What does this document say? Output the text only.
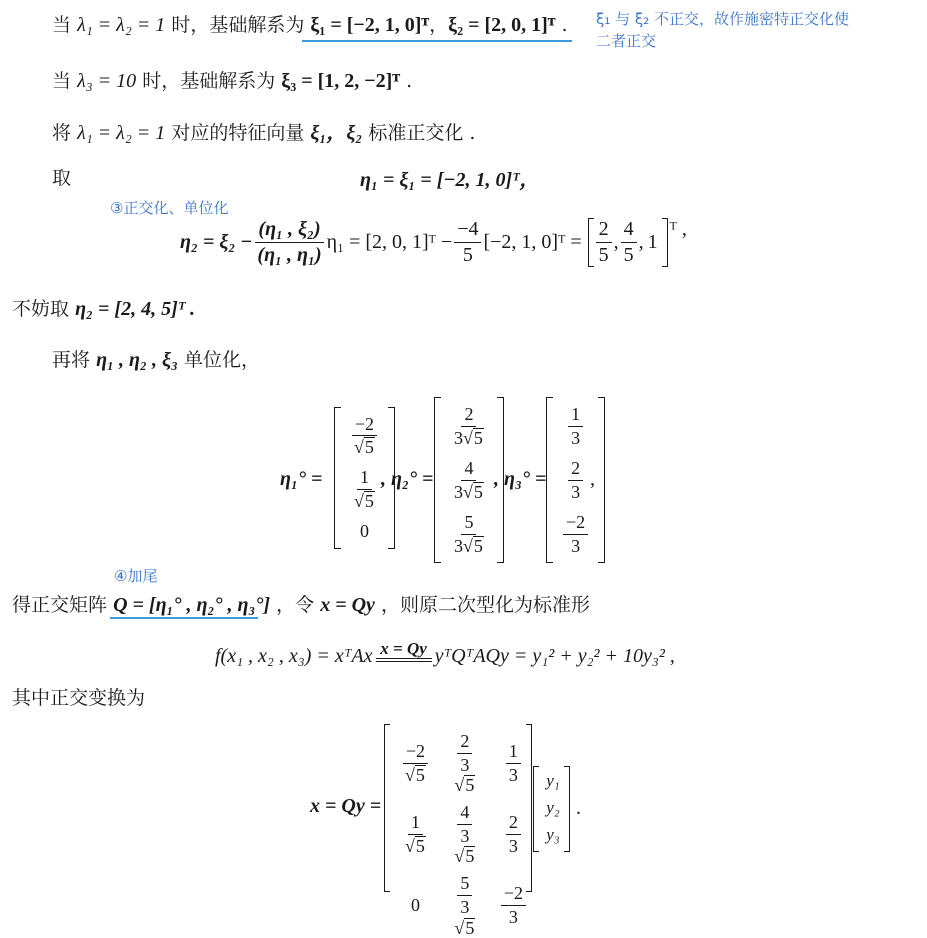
当 λ₁ = λ₂ = 1 时，基础解系为 ξ₁ = [−2, 1, 0]ᵀ，ξ₂ = [2, 0, 1]ᵀ . ξ₁ 与 ξ₂ 不正交，故作施密特正交化使
二者正交
当 λ₃ = 10 时，基础解系为 ξ₃ = [1, 2, −2]ᵀ .
将 λ₁ = λ₂ = 1 对应的特征向量 ξ₁，ξ₂ 标准正交化 .
取	η₁ = ξ₁ = [−2, 1, 0]ᵀ，
③正交化、单位化
$\eta_2 = \xi_2 - \frac{\text{(η₁ , ξ₂)}}{\text{(η₁ , η₁)}} \eta_1 = [2$, 0, 1]ᵀ − $\frac{-4}{5} [-2$, 1, 0]ᵀ = $\frac{2}{5}$ , $\frac{4}{5}$ , 1
ᵀ ,
不妨取 η₂ = [2, 4, 5]ᵀ .
再将 η₁ , η₂ , ξ₃ 单位化，
η₁° =
$\frac{-2}{√5}$
$\frac{1}{√5}$
0
, η₂° =
$\frac{2}{3√5}$
$\frac{4}{3√5}$
$\frac{5}{3√5}$
, η₃° =
$\frac{1}{3}$
$\frac{2}{3}$
$\frac{-2}{3}$
,
④加尾
得正交矩阵 Q = [η₁° , η₂° , η₃°] ，令 x = Qy ，则原二次型化为标准形
f(x₁ , x₂ , x₃) = xᵀAx x = Qy yᵀQᵀAQy = y₁² + y₂² + 10y₃² ,
其中正交变换为
x = Qy =
$\frac{-2}{√5} \frac{2}{3√5} \frac{1}{3}$
$\frac{1}{√5} \frac{4}{3√5} \frac{2}{3}$
$0 \frac{5}{3√5} \frac{-2}{3}$
y₁
y₂
y₃
.
